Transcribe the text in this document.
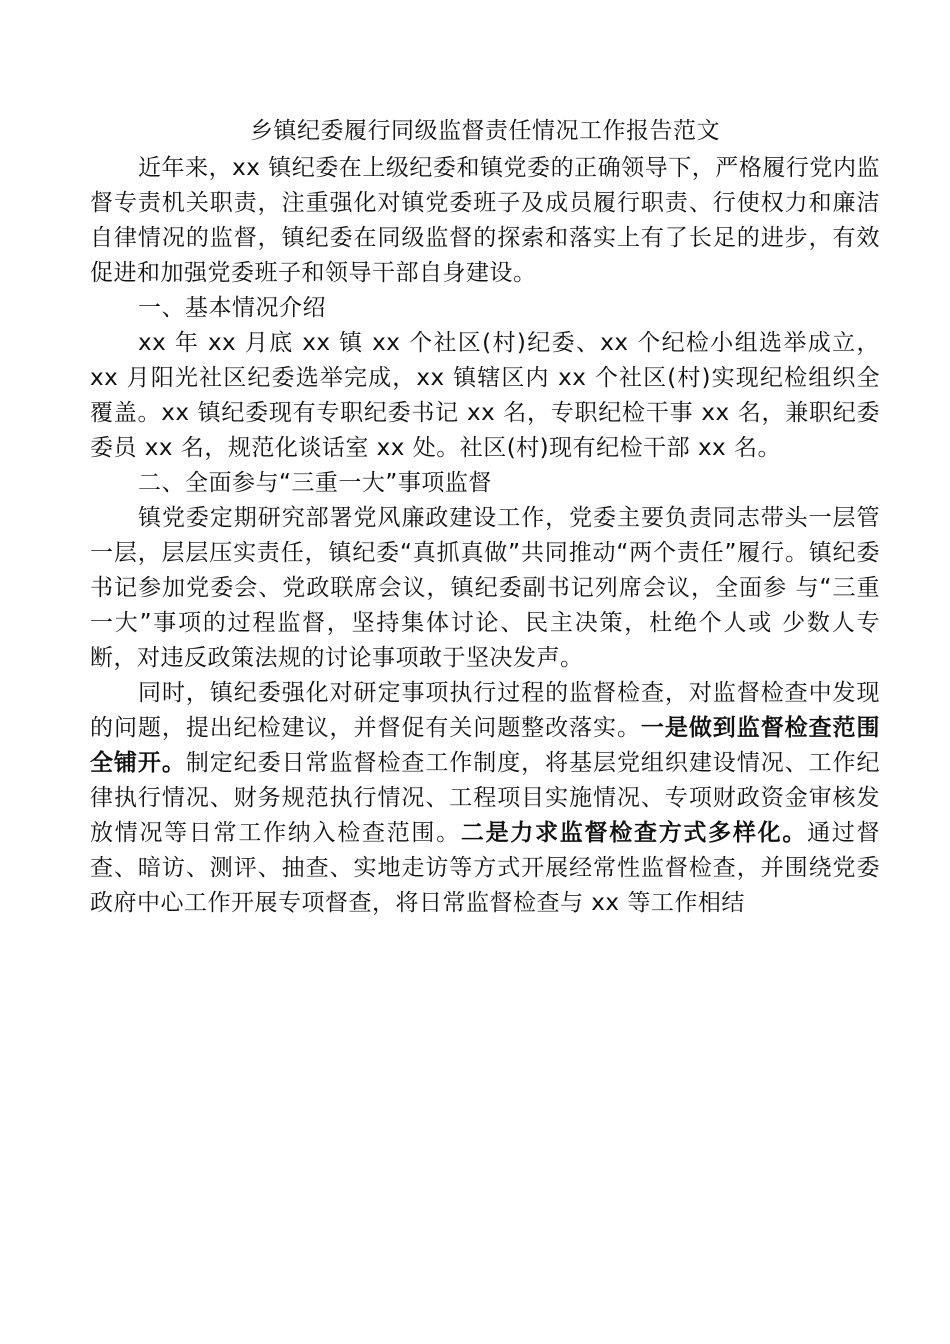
乡镇纪委履行同级监督责任情况工作报告范文

近年来，xx 镇纪委在上级纪委和镇党委的正确领导下，严格履行党内监督专责机关职责，注重强化对镇党委班子及成员履行职责、行使权力和廉洁自律情况的监督，镇纪委在同级监督的探索和落实上有了长足的进步，有效促进和加强党委班子和领导干部自身建设。

一、基本情况介绍

xx 年 xx 月底 xx 镇 xx 个社区(村)纪委、xx 个纪检小组选举成立，xx 月阳光社区纪委选举完成，xx 镇辖区内 xx 个社区(村)实现纪检组织全覆盖。xx 镇纪委现有专职纪委书记 xx 名，专职纪检干事 xx 名，兼职纪委委员 xx 名，规范化谈话室 xx 处。社区(村)现有纪检干部 xx 名。

二、全面参与“三重一大”事项监督

镇党委定期研究部署党风廉政建设工作，党委主要负责同志带头一层管一层，层层压实责任，镇纪委“真抓真做”共同推动“两个责任”履行。镇纪委书记参加党委会、党政联席会议，镇纪委副书记列席会议，全面参 与“三重一大”事项的过程监督，坚持集体讨论、民主决策，杜绝个人或 少数人专断，对违反政策法规的讨论事项敢于坚决发声。

同时，镇纪委强化对研定事项执行过程的监督检查，对监督检查中发现的问题，提出纪检建议，并督促有关问题整改落实。一是做到监督检查范围全铺开。制定纪委日常监督检查工作制度，将基层党组织建设情况、工作纪律执行情况、财务规范执行情况、工程项目实施情况、专项财政资金审核发放情况等日常工作纳入检查范围。二是力求监督检查方式多样化。通过督查、暗访、测评、抽查、实地走访等方式开展经常性监督检查，并围绕党委政府中心工作开展专项督查，将日常监督检查与 xx 等工作相结
